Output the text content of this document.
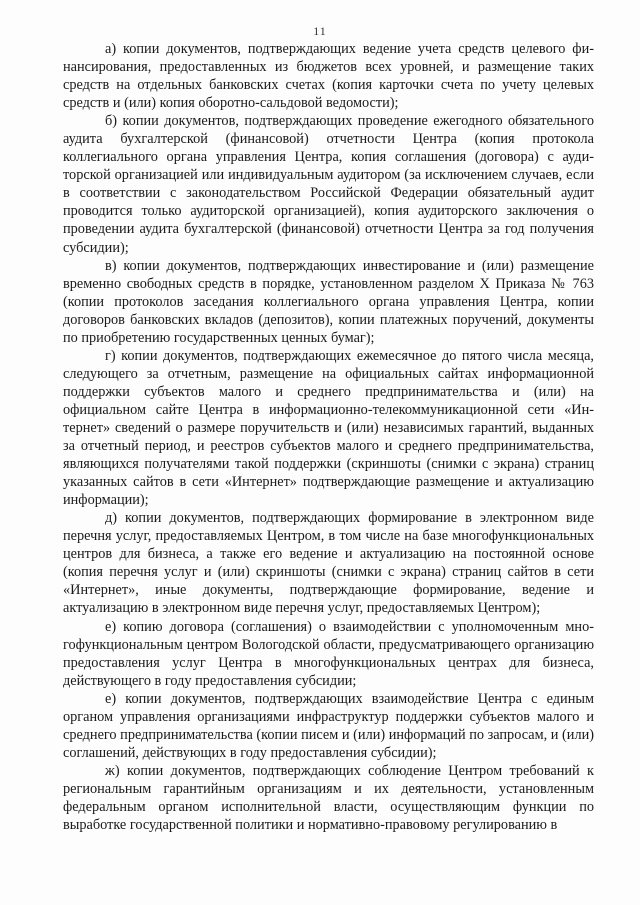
11

а) копии документов, подтверждающих ведение учета средств целевого финансирования, предоставленных из бюджетов всех уровней, и размещение таких средств на отдельных банковских счетах (копия карточки счета по учету целевых средств и (или) копия оборотно-сальдовой ведомости);

б) копии документов, подтверждающих проведение ежегодного обязательного аудита бухгалтерской (финансовой) отчетности Центра (копия протокола коллегиального органа управления Центра, копия соглашения (договора) с аудиторской организацией или индивидуальным аудитором (за исключением случаев, если в соответствии с законодательством Российской Федерации обязательный аудит проводится только аудиторской организацией), копия аудиторского заключения о проведении аудита бухгалтерской (финансовой) отчетности Центра за год получения субсидии);

в) копии документов, подтверждающих инвестирование и (или) размещение временно свободных средств в порядке, установленном разделом X Приказа № 763 (копии протоколов заседания коллегиального органа управления Центра, копии договоров банковских вкладов (депозитов), копии платежных поручений, документы по приобретению государственных ценных бумаг);

г) копии документов, подтверждающих ежемесячное до пятого числа месяца, следующего за отчетным, размещение на официальных сайтах информационной поддержки субъектов малого и среднего предпринимательства и (или) на официальном сайте Центра в информационно-телекоммуникационной сети «Интернет» сведений о размере поручительств и (или) независимых гарантий, выданных за отчетный период, и реестров субъектов малого и среднего предпринимательства, являющихся получателями такой поддержки (скриншоты (снимки с экрана) страниц указанных сайтов в сети «Интернет» подтверждающие размещение и актуализацию информации);

д) копии документов, подтверждающих формирование в электронном виде перечня услуг, предоставляемых Центром, в том числе на базе многофункциональных центров для бизнеса, а также его ведение и актуализацию на постоянной основе (копия перечня услуг и (или) скриншоты (снимки с экрана) страниц сайтов в сети «Интернет», иные документы, подтверждающие формирование, ведение и актуализацию в электронном виде перечня услуг, предоставляемых Центром);

е) копию договора (соглашения) о взаимодействии с уполномоченным многофункциональным центром Вологодской области, предусматривающего организацию предоставления услуг Центра в многофункциональных центрах для бизнеса, действующего в году предоставления субсидии;

е) копии документов, подтверждающих взаимодействие Центра с единым органом управления организациями инфраструктур поддержки субъектов малого и среднего предпринимательства (копии писем и (или) информаций по запросам, и (или) соглашений, действующих в году предоставления субсидии);

ж) копии документов, подтверждающих соблюдение Центром требований к региональным гарантийным организациям и их деятельности, установленным федеральным органом исполнительной власти, осуществляющим функции по выработке государственной политики и нормативно-правовому регулированию в
